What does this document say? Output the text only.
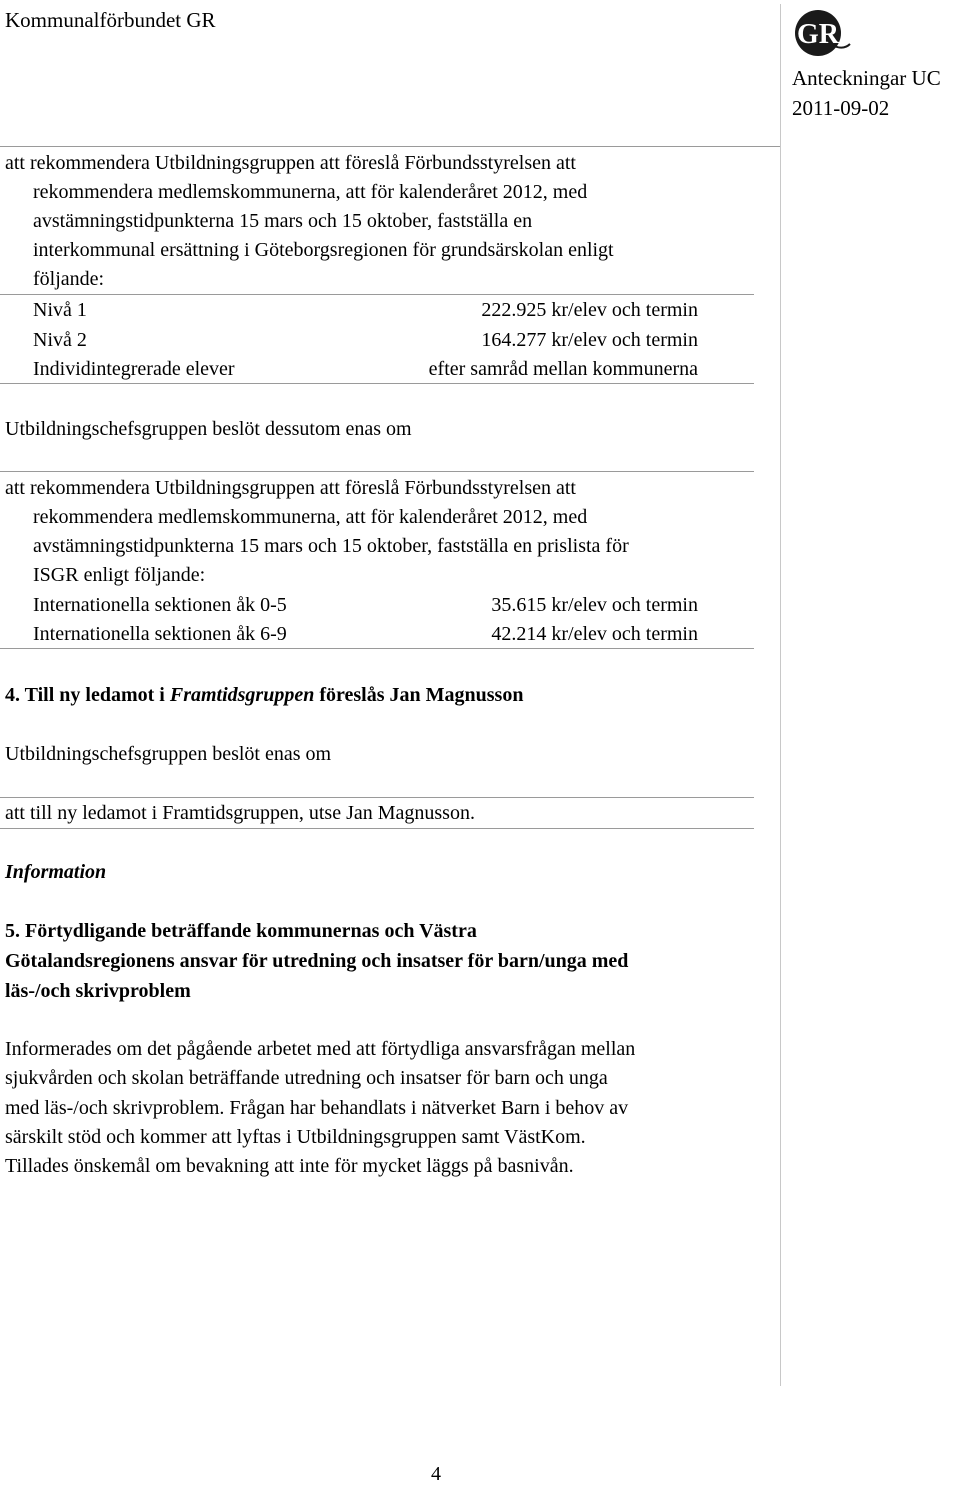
Kommunalförbundet GR	GR
Anteckningar UC
2011-09-02
att rekommendera Utbildningsgruppen att föreslå Förbundsstyrelsen att
rekommendera medlemskommunerna, att för kalenderåret 2012, med
avstämningstidpunkterna 15 mars och 15 oktober, fastställa en
interkommunal ersättning i Göteborgsregionen för grundsärskolan enligt
följande:
Nivå 1	222.925 kr/elev och termin
Nivå 2	164.277 kr/elev och termin
Individintegrerade elever	efter samråd mellan kommunerna
Utbildningschefsgruppen beslöt dessutom enas om
att rekommendera Utbildningsgruppen att föreslå Förbundsstyrelsen att
rekommendera medlemskommunerna, att för kalenderåret 2012, med
avstämningstidpunkterna 15 mars och 15 oktober, fastställa en prislista för
ISGR enligt följande:
Internationella sektionen åk 0-5	35.615 kr/elev och termin
Internationella sektionen åk 6-9	42.214 kr/elev och termin
4. Till ny ledamot i Framtidsgruppen föreslås Jan Magnusson
Utbildningschefsgruppen beslöt enas om
att till ny ledamot i Framtidsgruppen, utse Jan Magnusson.
Information
5. Förtydligande beträffande kommunernas och Västra
Götalandsregionens ansvar för utredning och insatser för barn/unga med
läs-/och skrivproblem
Informerades om det pågående arbetet med att förtydliga ansvarsfrågan mellan
sjukvården och skolan beträffande utredning och insatser för barn och unga
med läs-/och skrivproblem. Frågan har behandlats i nätverket Barn i behov av
särskilt stöd och kommer att lyftas i Utbildningsgruppen samt VästKom.
Tillades önskemål om bevakning att inte för mycket läggs på basnivån.
4
